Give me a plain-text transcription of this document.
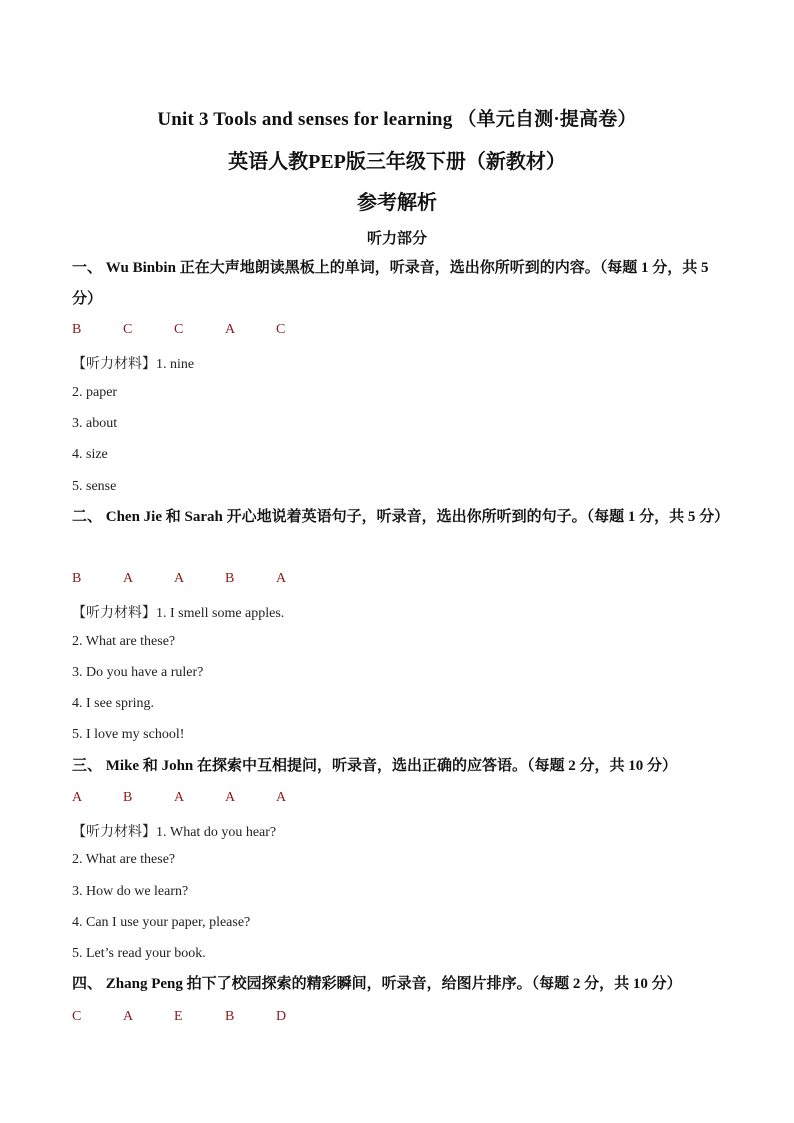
Unit 3 Tools and senses for learning （单元自测·提高卷）
英语人教PEP版三年级下册（新教材）
参考解析
听力部分
一、 Wu Binbin 正在大声地朗读黑板上的单词，听录音，选出你所听到的内容。（每题 1 分，共 5 分）
B	C	C	A	C
【听力材料】1. nine
2. paper
3. about
4. size
5. sense
二、 Chen Jie 和 Sarah 开心地说着英语句子，听录音，选出你所听到的句子。（每题 1 分，共 5 分）
B	A	A	B	A
【听力材料】1. I smell some apples.
2. What are these?
3. Do you have a ruler?
4. I see spring.
5. I love my school!
三、 Mike 和 John 在探索中互相提问，听录音，选出正确的应答语。（每题 2 分，共 10 分）
A	B	A	A	A
【听力材料】1. What do you hear?
2. What are these?
3. How do we learn?
4. Can I use your paper, please?
5. Let’s read your book.
四、 Zhang Peng 拍下了校园探索的精彩瞬间，听录音，给图片排序。（每题 2 分，共 10 分）
C	A	E	B	D
